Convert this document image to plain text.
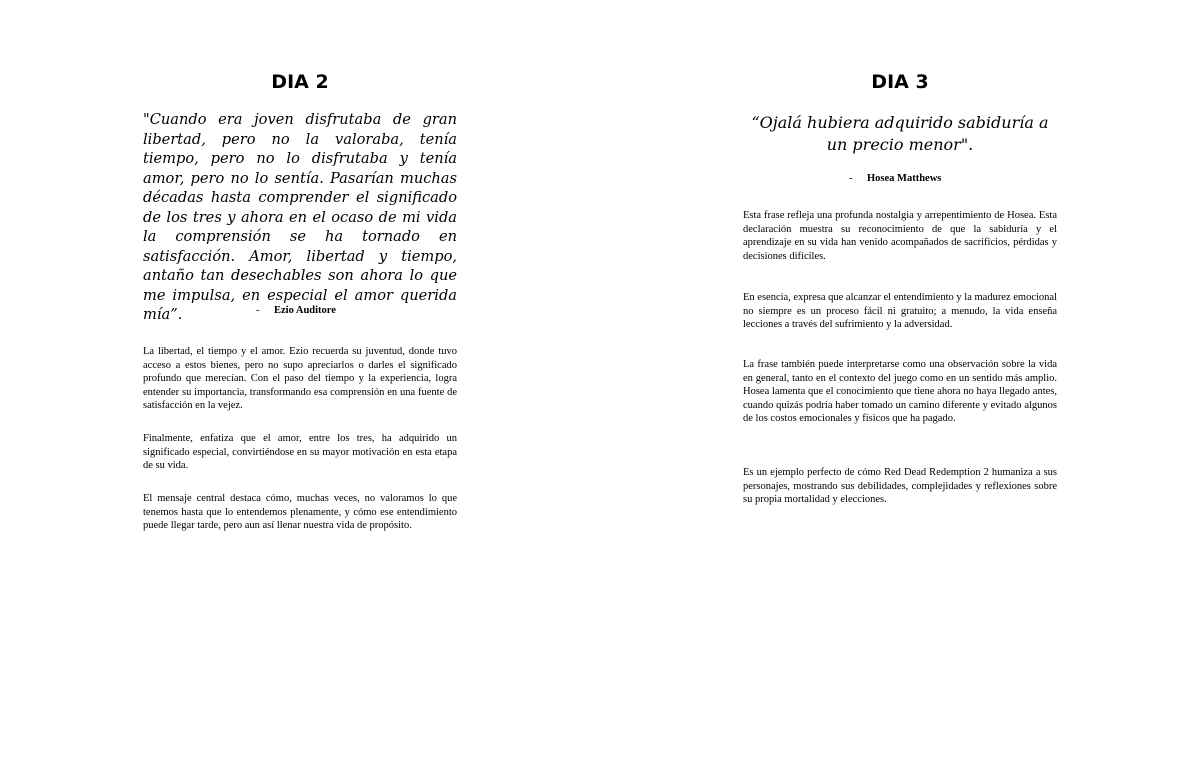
DIA 2

"Cuando era joven disfrutaba de gran libertad, pero no la valoraba, tenía tiempo, pero no lo disfrutaba y tenía amor, pero no lo sentía. Pasarían muchas décadas hasta comprender el significado de los tres y ahora en el ocaso de mi vida la comprensión se ha tornado en satisfacción. Amor, libertad y tiempo, antaño tan desechables son ahora lo que me impulsa, en especial el amor querida mía”.	- Ezio Auditore

La libertad, el tiempo y el amor. Ezio recuerda su juventud, donde tuvo acceso a estos bienes, pero no supo apreciarlos o darles el significado profundo que merecían. Con el paso del tiempo y la experiencia, logra entender su importancia, transformando esa comprensión en una fuente de satisfacción en la vejez.

Finalmente, enfatiza que el amor, entre los tres, ha adquirido un significado especial, convirtiéndose en su mayor motivación en esta etapa de su vida.

El mensaje central destaca cómo, muchas veces, no valoramos lo que tenemos hasta que lo entendemos plenamente, y cómo ese entendimiento puede llegar tarde, pero aun así llenar nuestra vida de propósito.

DIA 3

“Ojalá hubiera adquirido sabiduría a un precio menor".

- Hosea Matthews

Esta frase refleja una profunda nostalgia y arrepentimiento de Hosea. Esta declaración muestra su reconocimiento de que la sabiduría y el aprendizaje en su vida han venido acompañados de sacrificios, pérdidas y decisiones difíciles.

En esencia, expresa que alcanzar el entendimiento y la madurez emocional no siempre es un proceso fácil ni gratuito; a menudo, la vida enseña lecciones a través del sufrimiento y la adversidad.

La frase también puede interpretarse como una observación sobre la vida en general, tanto en el contexto del juego como en un sentido más amplio. Hosea lamenta que el conocimiento que tiene ahora no haya llegado antes, cuando quizás podría haber tomado un camino diferente y evitado algunos de los costos emocionales y físicos que ha pagado.

Es un ejemplo perfecto de cómo Red Dead Redemption 2 humaniza a sus personajes, mostrando sus debilidades, complejidades y reflexiones sobre su propia mortalidad y elecciones.
